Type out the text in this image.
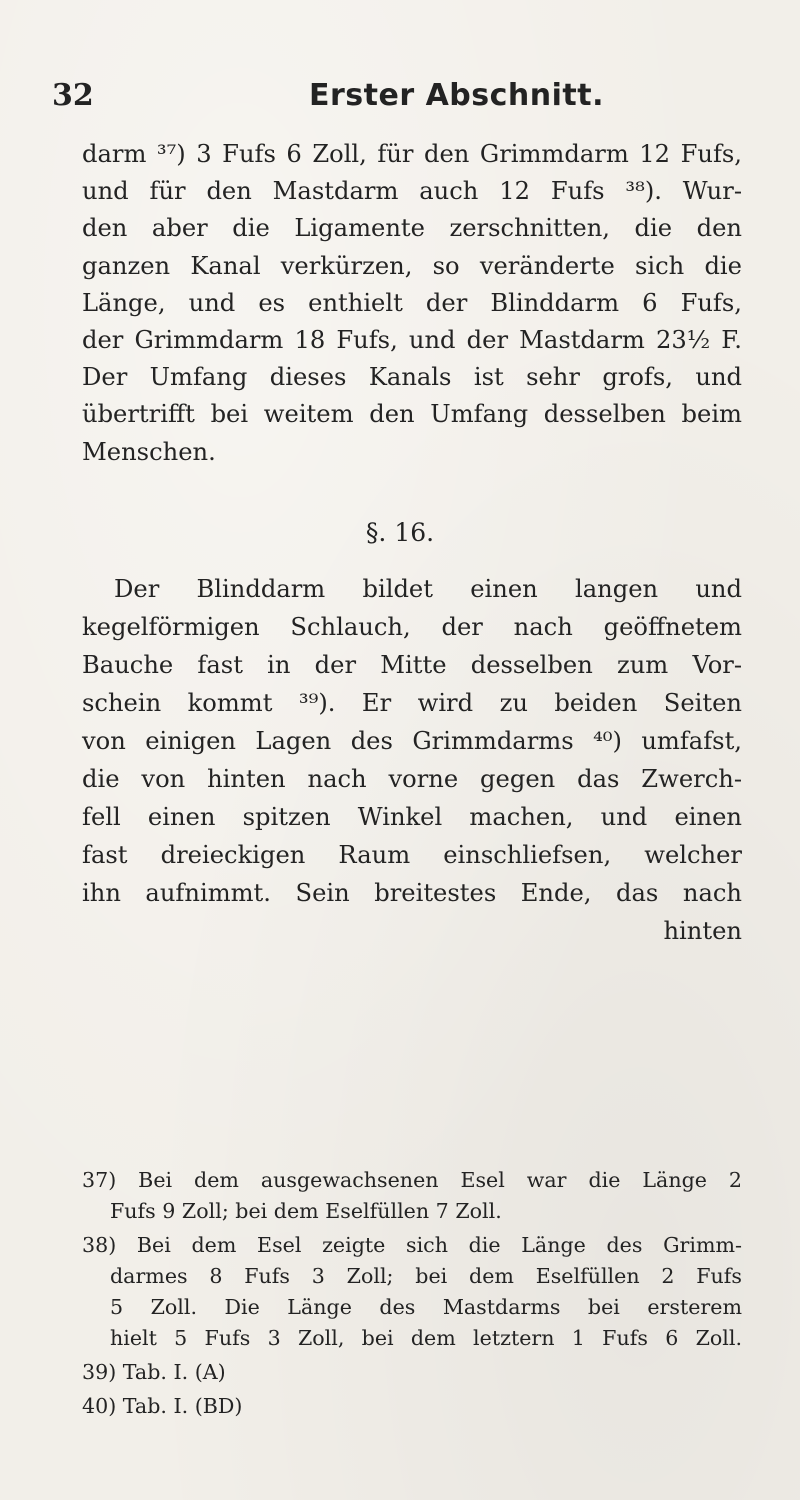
32	Erster Abschnitt.
darm ³⁷) 3 Fufs 6 Zoll, für den Grimmdarm 12 Fufs,
und für den Mastdarm auch 12 Fufs ³⁸). Wur-
den aber die Ligamente zerschnitten, die den
ganzen Kanal verkürzen, so veränderte sich die
Länge, und es enthielt der Blinddarm 6 Fufs,
der Grimmdarm 18 Fufs, und der Mastdarm 23½ F.
Der Umfang dieses Kanals ist sehr grofs, und
übertrifft bei weitem den Umfang desselben beim
Menschen.
§. 16.
Der Blinddarm bildet einen langen und
kegelförmigen Schlauch, der nach geöffnetem
Bauche fast in der Mitte desselben zum Vor-
schein kommt ³⁹). Er wird zu beiden Seiten
von einigen Lagen des Grimmdarms ⁴⁰) umfafst,
die von hinten nach vorne gegen das Zwerch-
fell einen spitzen Winkel machen, und einen
fast dreieckigen Raum einschliefsen, welcher
ihn aufnimmt. Sein breitestes Ende, das nach
hinten
37) Bei dem ausgewachsenen Esel war die Länge 2
Fufs 9 Zoll; bei dem Eselfüllen 7 Zoll.
38) Bei dem Esel zeigte sich die Länge des Grimm-
darmes 8 Fufs 3 Zoll; bei dem Eselfüllen 2 Fufs
5 Zoll. Die Länge des Mastdarms bei ersterem
hielt 5 Fufs 3 Zoll, bei dem letztern 1 Fufs 6 Zoll.
39) Tab. I. (A)
40) Tab. I. (BD)
